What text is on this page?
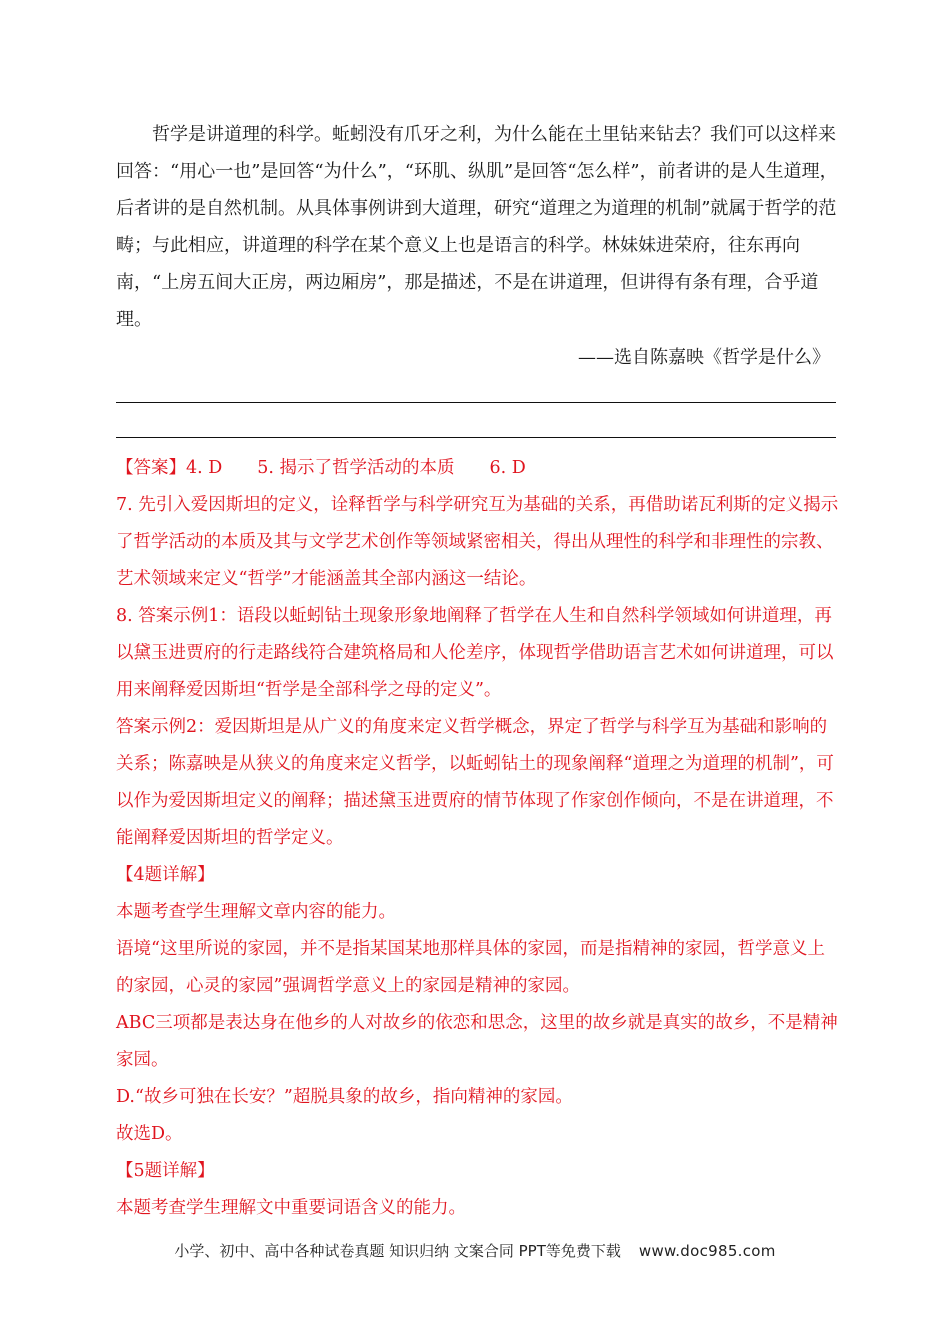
哲学是讲道理的科学。蚯蚓没有爪牙之利，为什么能在土里钻来钻去？我们可以这样来回答：“用心一也”是回答“为什么”，“环肌、纵肌”是回答“怎么样”，前者讲的是人生道理，后者讲的是自然机制。从具体事例讲到大道理，研究“道理之为道理的机制”就属于哲学的范畴；与此相应，讲道理的科学在某个意义上也是语言的科学。林妹妹进荣府，往东再向南，“上房五间大正房，两边厢房”，那是描述，不是在讲道理，但讲得有条有理，合乎道理。

——选自陈嘉映《哲学是什么》

【答案】4. D　　5. 揭示了哲学活动的本质　　6. D

7. 先引入爱因斯坦的定义，诠释哲学与科学研究互为基础的关系，再借助诺瓦利斯的定义揭示了哲学活动的本质及其与文学艺术创作等领域紧密相关，得出从理性的科学和非理性的宗教、艺术领域来定义“哲学”才能涵盖其全部内涵这一结论。

8. 答案示例1：语段以蚯蚓钻土现象形象地阐释了哲学在人生和自然科学领域如何讲道理，再以黛玉进贾府的行走路线符合建筑格局和人伦差序，体现哲学借助语言艺术如何讲道理，可以用来阐释爱因斯坦“哲学是全部科学之母的定义”。

答案示例2：爱因斯坦是从广义的角度来定义哲学概念，界定了哲学与科学互为基础和影响的关系；陈嘉映是从狭义的角度来定义哲学，以蚯蚓钻土的现象阐释“道理之为道理的机制”，可以作为爱因斯坦定义的阐释；描述黛玉进贾府的情节体现了作家创作倾向，不是在讲道理，不能阐释爱因斯坦的哲学定义。

【4题详解】

本题考查学生理解文章内容的能力。

语境“这里所说的家园，并不是指某国某地那样具体的家园，而是指精神的家园，哲学意义上的家园，心灵的家园”强调哲学意义上的家园是精神的家园。

ABC三项都是表达身在他乡的人对故乡的依恋和思念，这里的故乡就是真实的故乡，不是精神家园。

D.“故乡可独在长安？”超脱具象的故乡，指向精神的家园。

故选D。

【5题详解】

本题考查学生理解文中重要词语含义的能力。

小学、初中、高中各种试卷真题 知识归纳 文案合同 PPT等免费下载 www.doc985.com
